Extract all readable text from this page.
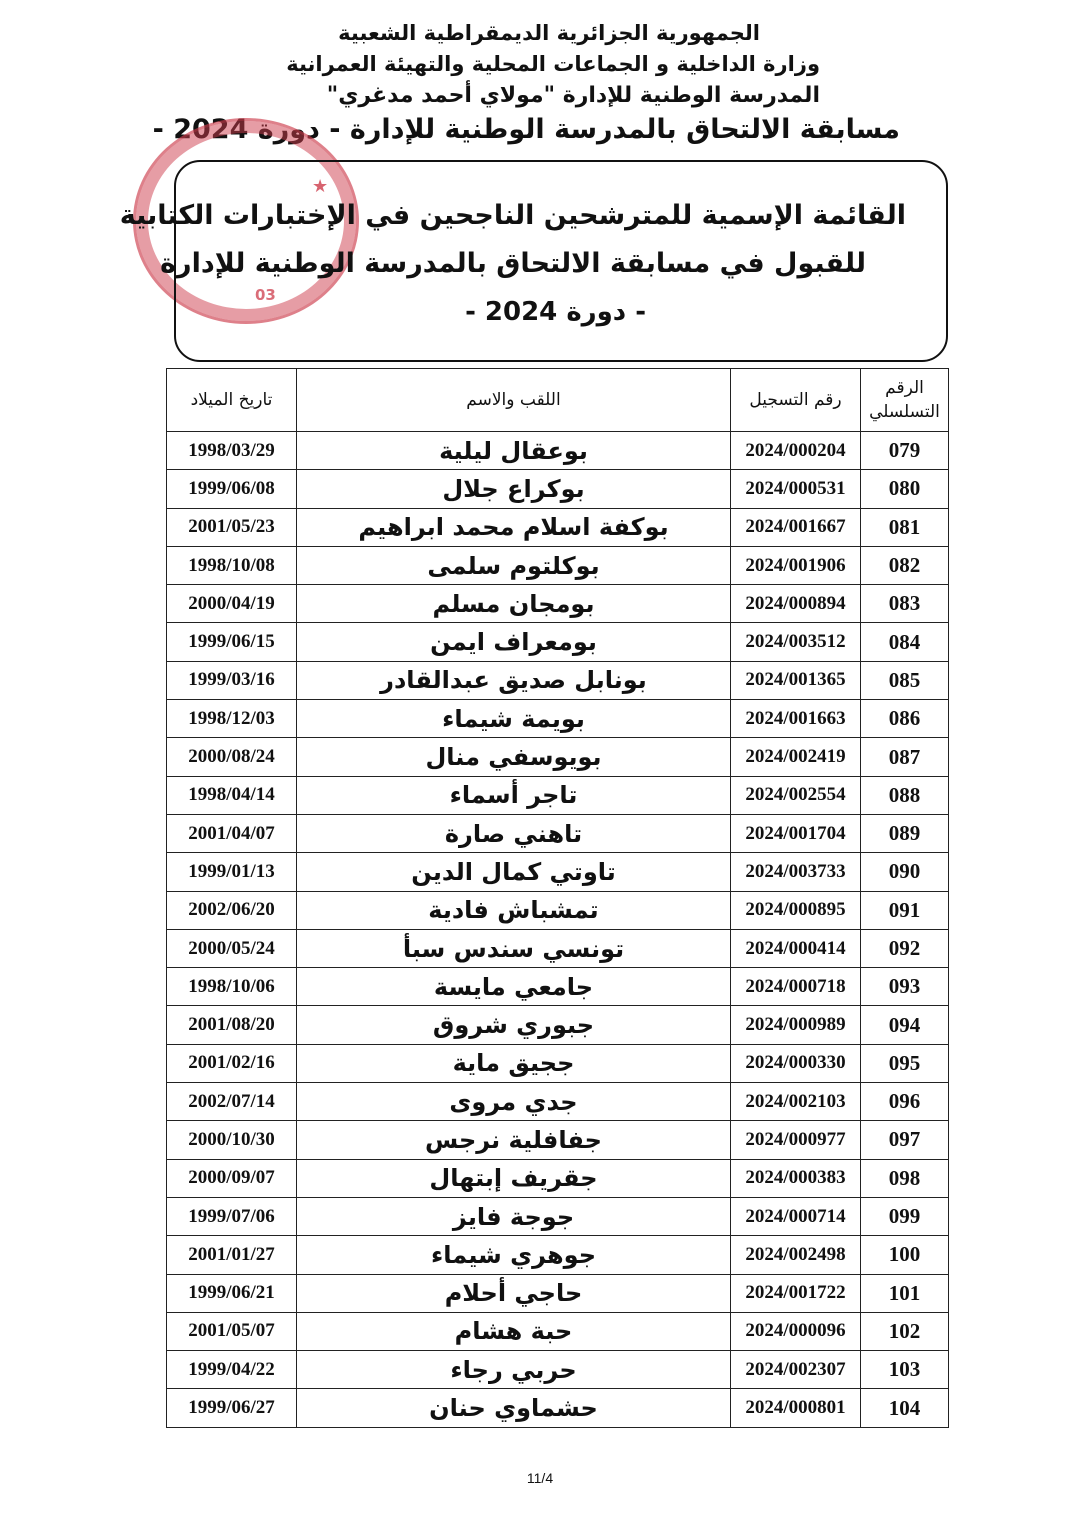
الجمهورية الجزائرية الديمقراطية الشعبية
وزارة الداخلية و الجماعات المحلية والتهيئة العمرانية
المدرسة الوطنية للإدارة "مولاي أحمد مدغري"
مسابقة الالتحاق بالمدرسة الوطنية للإدارة - دورة 2024 -
★
03
القائمة الإسمية للمترشحين الناجحين في الإختبارات الكتابية
للقبول في مسابقة الالتحاق بالمدرسة الوطنية للإدارة
- دورة 2024 -
الرقم التسلسلي	رقم التسجيل	اللقب والاسم	تاريخ الميلاد
079	2024/000204	بوعقال ليلية	1998/03/29
080	2024/000531	بوكراع جلال	1999/06/08
081	2024/001667	بوكفة اسلام محمد ابراهيم	2001/05/23
082	2024/001906	بوكلتوم سلمى	1998/10/08
083	2024/000894	بومجان مسلم	2000/04/19
084	2024/003512	بومعراف ايمن	1999/06/15
085	2024/001365	بونابل صديق عبدالقادر	1999/03/16
086	2024/001663	بويمة شيماء	1998/12/03
087	2024/002419	بويوسفي منال	2000/08/24
088	2024/002554	تاجر أسماء	1998/04/14
089	2024/001704	تاهني صارة	2001/04/07
090	2024/003733	تاوتي كمال الدين	1999/01/13
091	2024/000895	تمشباش فادية	2002/06/20
092	2024/000414	تونسي سندس سبأ	2000/05/24
093	2024/000718	جامعي مايسة	1998/10/06
094	2024/000989	جبوري شروق	2001/08/20
095	2024/000330	ججيق ماية	2001/02/16
096	2024/002103	جدي مروى	2002/07/14
097	2024/000977	جفافلية نرجس	2000/10/30
098	2024/000383	جقريف إبتهال	2000/09/07
099	2024/000714	جوجة فايز	1999/07/06
100	2024/002498	جوهري شيماء	2001/01/27
101	2024/001722	حاجي أحلام	1999/06/21
102	2024/000096	حبة هشام	2001/05/07
103	2024/002307	حربي رجاء	1999/04/22
104	2024/000801	حشماوي حنان	1999/06/27
11/4
